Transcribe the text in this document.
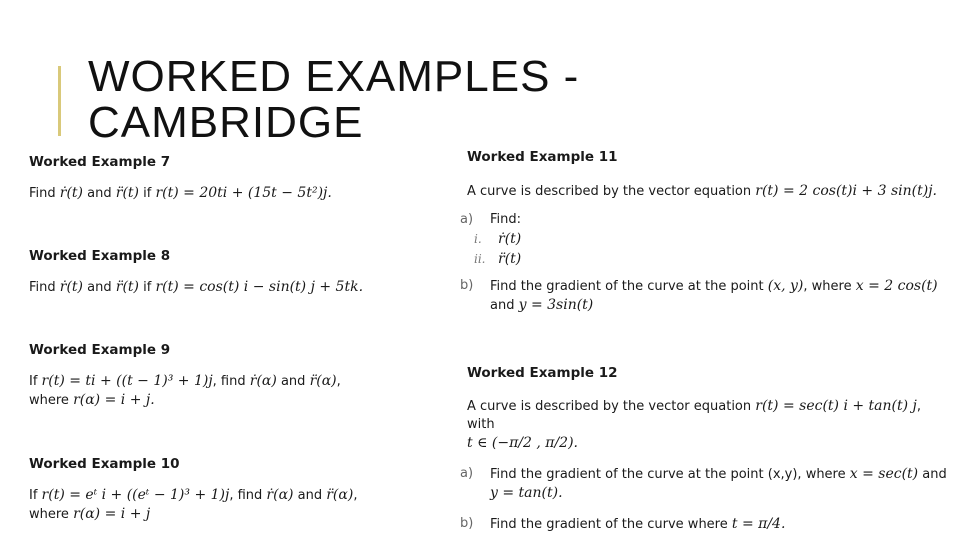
WORKED EXAMPLES -
CAMBRIDGE
Worked Example 7

Find ṙ(t) and r̈(t) if r(t) = 20ti + (15t − 5t²)j.

Worked Example 8

Find ṙ(t) and r̈(t) if r(t) = cos(t) i − sin(t) j + 5tk.

Worked Example 9

If r(t) = ti + ((t − 1)³ + 1)j, find ṙ(α) and r̈(α),

where r(α) = i + j.

Worked Example 10

If r(t) = eᵗ i + ((eᵗ − 1)³ + 1)j, find ṙ(α) and r̈(α),

where r(α) = i + j

Worked Example 11

A curve is described by the vector equation r(t) = 2 cos(t)i + 3 sin(t)j.

a)	Find:
i.	ṙ(t)
ii. r̈(t)
b)	Find the gradient of the curve at the point (x, y), where x = 2 cos(t)
and y = 3sin(t)
Worked Example 12

A curve is described by the vector equation r(t) = sec(t) i + tan(t) j, with

t ∈ (−π/2 , π/2).

a)	Find the gradient of the curve at the point (x,y), where x = sec(t) and
y = tan(t).
b)	Find the gradient of the curve where t = π/4.
